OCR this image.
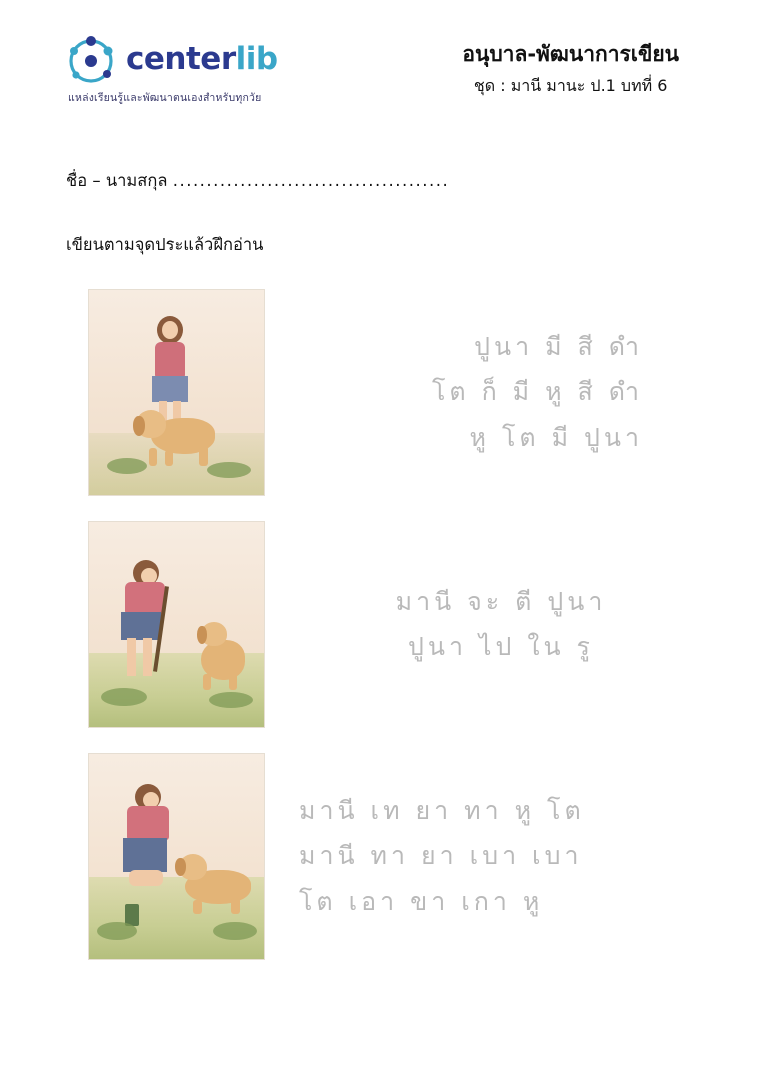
centerlib
แหล่งเรียนรู้และพัฒนาตนเองสำหรับทุกวัย
อนุบาล-พัฒนาการเขียน
ชุด : มานี มานะ ป.1 บทที่ 6
ชื่อ – นามสกุล .........................................
เขียนตามจุดประแล้วฝึกอ่าน
ปูนา มี สี ดำ
โต ก็ มี หู สี ดำ
หู โต มี ปูนา
มานี จะ ตี ปูนา
ปูนา ไป ใน รู
มานี เท ยา ทา หู โต
มานี ทา ยา เบา เบา
โต เอา ขา เกา หู
